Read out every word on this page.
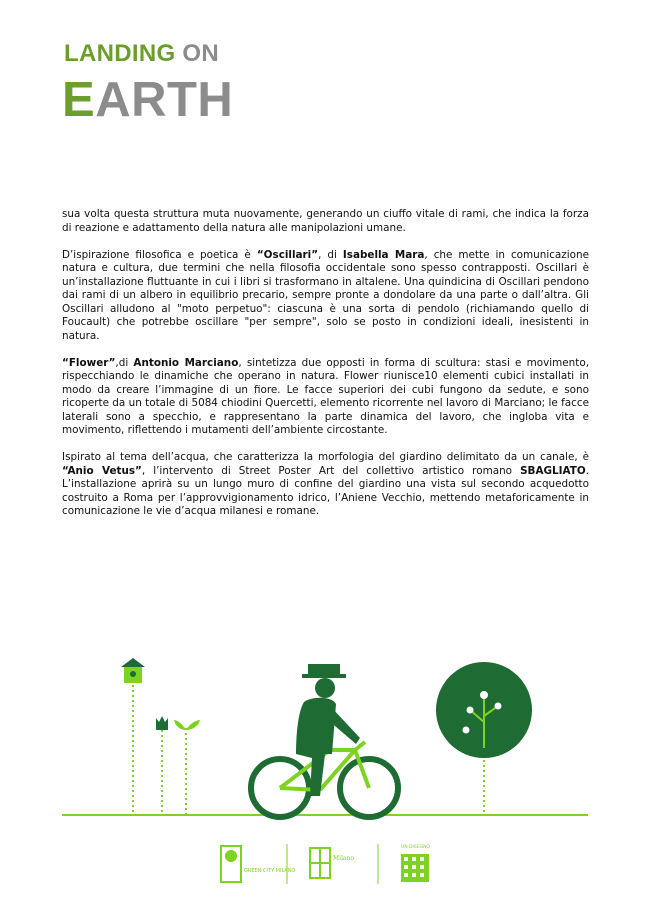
LANDING ON
EARTH

sua volta questa struttura muta nuovamente, generando un ciuffo vitale di rami, che indica la forza di reazione e adattamento della natura alle manipolazioni umane.

D’ispirazione filosofica e poetica è “Oscillari”, di Isabella Mara, che mette in comunicazione natura e cultura, due termini che nella filosofia occidentale sono spesso contrapposti. Oscillari è un’installazione fluttuante in cui i libri si trasformano in altalene. Una quindicina di Oscillari pendono dai rami di un albero in equilibrio precario, sempre pronte a dondolare da una parte o dall’altra. Gli Oscillari alludono al "moto perpetuo": ciascuna è una sorta di pendolo (richiamando quello di Foucault) che potrebbe oscillare "per sempre", solo se posto in condizioni ideali, inesistenti in natura.

“Flower”,di Antonio Marciano, sintetizza due opposti in forma di scultura: stasi e movimento, rispecchiando le dinamiche che operano in natura. Flower riunisce10 elementi cubici installati in modo da creare l’immagine di un fiore. Le facce superiori dei cubi fungono da sedute, e sono ricoperte da un totale di 5084 chiodini Quercetti, elemento ricorrente nel lavoro di Marciano; le facce laterali sono a specchio, e rappresentano la parte dinamica del lavoro, che ingloba vita e movimento, riflettendo i mutamenti dell’ambiente circostante.

Ispirato al tema dell’acqua, che caratterizza la morfologia del giardino delimitato da un canale, è “Anio Vetus”, l’intervento di Street Poster Art del collettivo artistico romano SBAGLIATO. L’installazione aprirà su un lungo muro di confine del giardino una vista sul secondo acquedotto costruito a Roma per l’approvvigionamento idrico, l’Aniene Vecchio, mettendo metaforicamente in comunicazione le vie d’acqua milanesi e romane.

GREEN CITY MILANO
Milano
UN DISEGNO
